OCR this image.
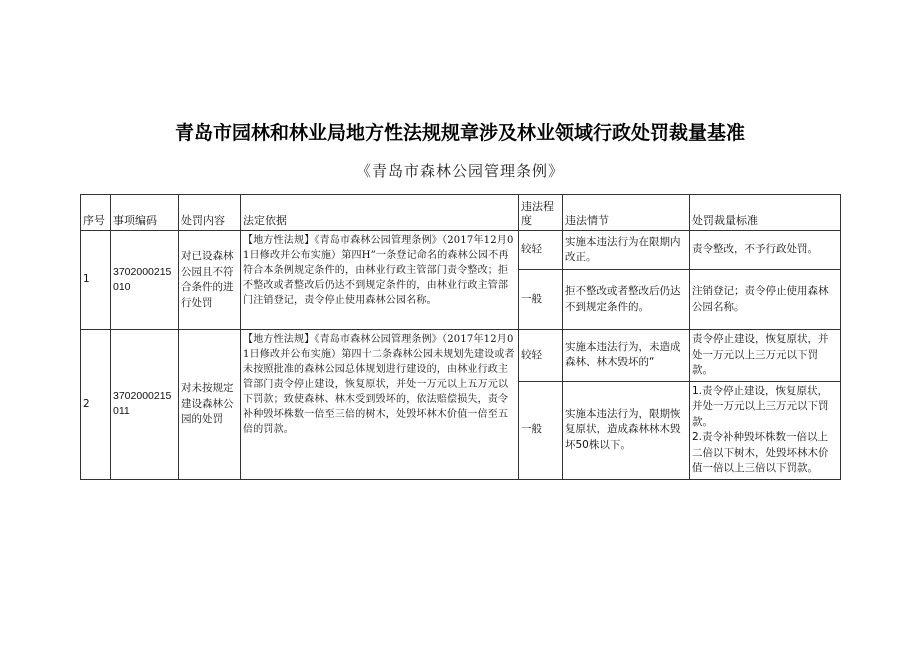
青岛市园林和林业局地方性法规规章涉及林业领域行政处罚裁量基准
《青岛市森林公园管理条例》
序号	事项编码	处罚内容	法定依据	违法程度	违法情节	处罚裁量标准
1	3702000215010	对已设森林公园且不符合条件的进行处罚	【地方性法规】《青岛市森林公园管理条例》（2017年12月01日修改并公布实施）第四H”一条登记命名的森林公园不再符合本条例规定条件的，由林业行政主管部门责令整改；拒不整改或者整改后仍达不到规定条件的，由林业行政主管部门注销登记，责令停止使用森林公园名称。	较轻	实施本违法行为在限期内改正。	责令整改，不予行政处罚。

				一般	拒不整改或者整改后仍达不到规定条件的。	注销登记；责令停止使用森林公园名称。

2	3702000215011	对未按规定建设森林公园的处罚	【地方性法规】《青岛市森林公园管理条例》（2017年12月01日修改并公布实施）第四十二条森林公园未规划先建设或者未按照批准的森林公园总体规划进行建设的，由林业行政主管部门责令停止建设，恢复原状，并处一万元以上五万元以下罚款；致使森林、林木受到毁坏的，依法赔偿损失，责令补种毁坏株数一倍至三倍的树木，处毁坏林木价值一倍至五倍的罚款。	较轻	实施本违法行为，未造成森林、林木毁坏的“	责令停止建设，恢复原状，并处一万元以上三万元以下罚款。

				一般	实施本违法行为，限期恢复原状，造成森林林木毁坏50株以下。	1.责令停止建设，恢复原状，并处一万元以上三万元以下罚款。
2.责令补种毁坏株数一倍以上二倍以下树木，处毁坏林木价值一倍以上三倍以下罚款。
